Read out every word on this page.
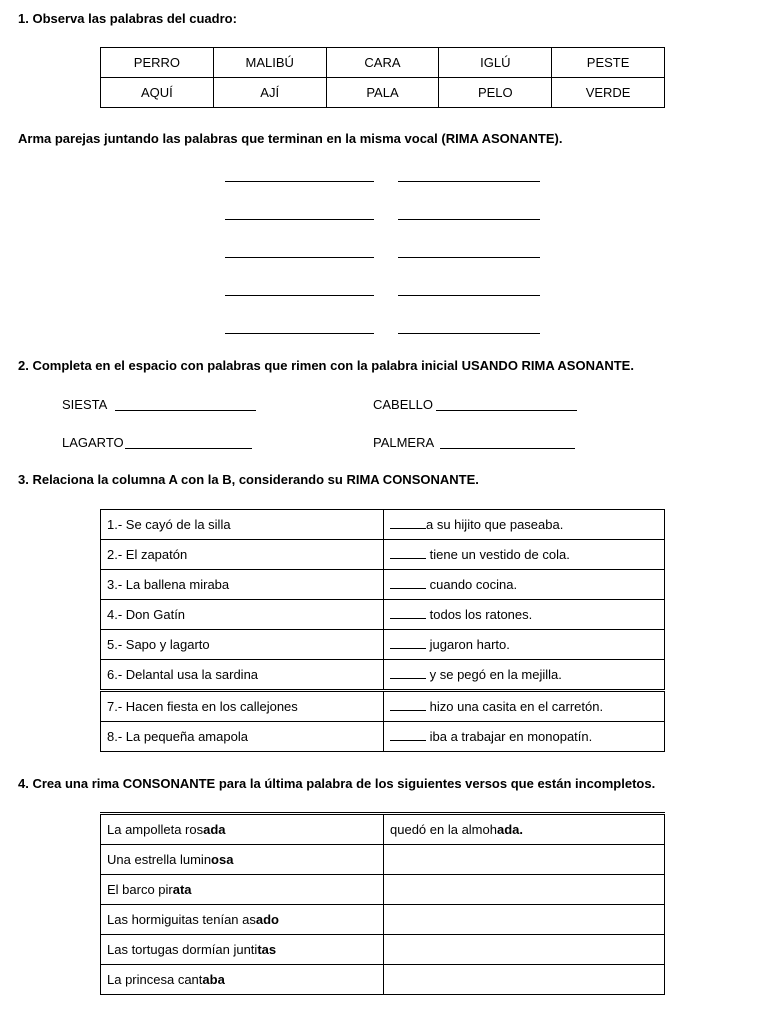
1. Observa las palabras del cuadro:
PERRO	MALIBÚ	CARA	IGLÚ	PESTE
AQUÍ	AJÍ	PALA	PELO	VERDE
Arma parejas juntando las palabras que terminan en la misma vocal (RIMA ASONANTE).
2. Completa en el espacio con palabras que rimen con la palabra inicial USANDO RIMA ASONANTE.
SIESTA	CABELLO
LAGARTO	PALMERA
3. Relaciona la columna A con la B, considerando su RIMA CONSONANTE.
1.- Se cayó de la silla	a su hijito que paseaba.
2.- El zapatón	tiene un vestido de cola.
3.- La ballena miraba	cuando cocina.
4.- Don Gatín	todos los ratones.
5.- Sapo y lagarto	jugaron harto.
6.- Delantal usa la sardina	y se pegó en la mejilla.
7.- Hacen fiesta en los callejones	hizo una casita en el carretón.
8.- La pequeña amapola	iba a trabajar en monopatín.
4. Crea una rima CONSONANTE para la última palabra de los siguientes versos que están incompletos.
La ampolleta rosada	quedó en la almohada.
Una estrella luminosa	
El barco pirata	
Las hormiguitas tenían asado	
Las tortugas dormían juntitas	
La princesa cantaba	
